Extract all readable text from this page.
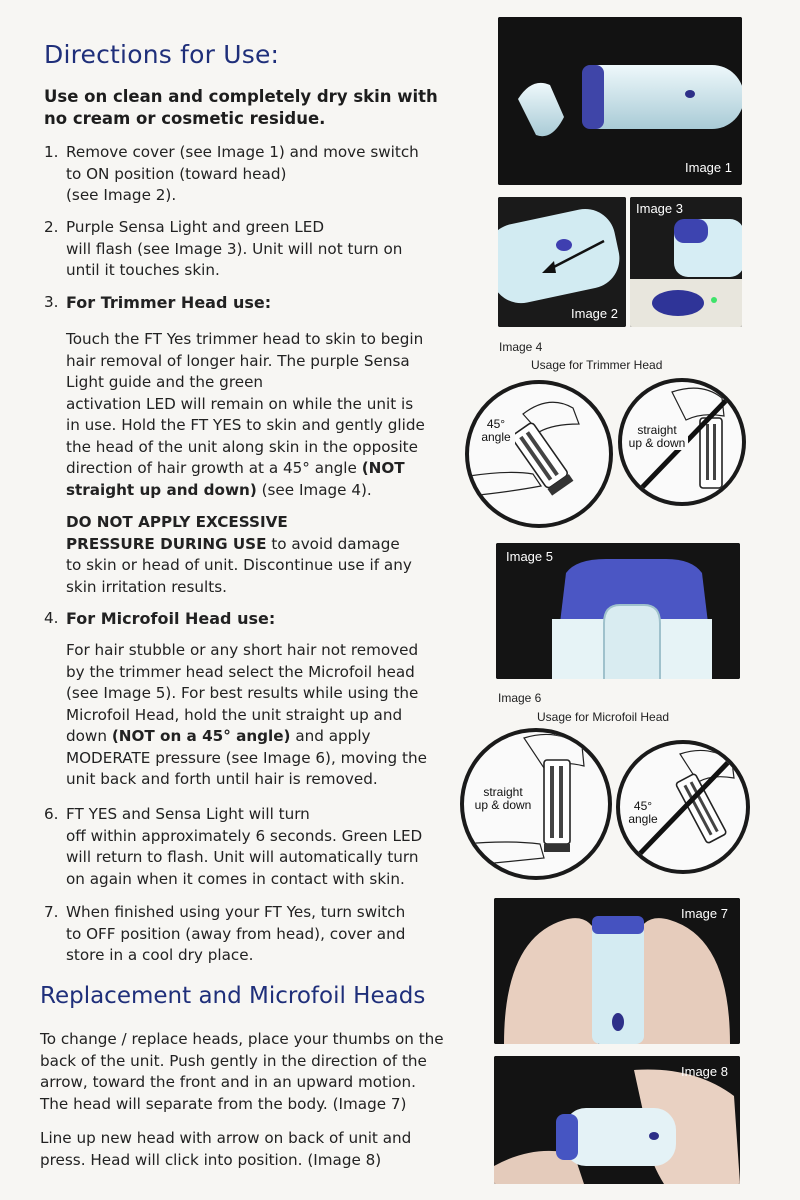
Directions for Use:
Use on clean and completely dry skin with no cream or cosmetic residue.
1. Remove cover (see Image 1) and move switch
to ON position (toward head)
(see Image 2).
2. Purple Sensa Light and green LED
will flash (see Image 3). Unit will not turn on
until it touches skin.
3. For Trimmer Head use:
Touch the FT Yes trimmer head to skin to begin
hair removal of longer hair. The purple Sensa
Light guide and the green
activation LED will remain on while the unit is
in use. Hold the FT YES to skin and gently glide
the head of the unit along skin in the opposite
direction of hair growth at a 45° angle (NOT
straight up and down) (see Image 4).
DO NOT APPLY EXCESSIVE
PRESSURE DURING USE to avoid damage
to skin or head of unit. Discontinue use if any
skin irritation results.
4. For Microfoil Head use:
For hair stubble or any short hair not removed
by the trimmer head select the Microfoil head
(see Image 5). For best results while using the
Microfoil Head, hold the unit straight up and
down (NOT on a 45° angle) and apply
MODERATE pressure (see Image 6), moving the
unit back and forth until hair is removed.
6. FT YES and Sensa Light will turn
off within approximately 6 seconds. Green LED
will return to flash. Unit will automatically turn
on again when it comes in contact with skin.
7. When finished using your FT Yes, turn switch
to OFF position (away from head), cover and
store in a cool dry place.
Replacement and Microfoil Heads
To change / replace heads, place your thumbs on the
back of the unit. Push gently in the direction of the
arrow, toward the front and in an upward motion.
The head will separate from the body. (Image 7)
Line up new head with arrow on back of unit and
press. Head will click into position. (Image 8)
Image 1
Image 2
Image 3
Image 4
Usage for Trimmer Head
45°
angle	straight
up & down
Image 5
Image 6
Usage for Microfoil Head
straight
up & down	45°
angle
Image 7
Image 8
